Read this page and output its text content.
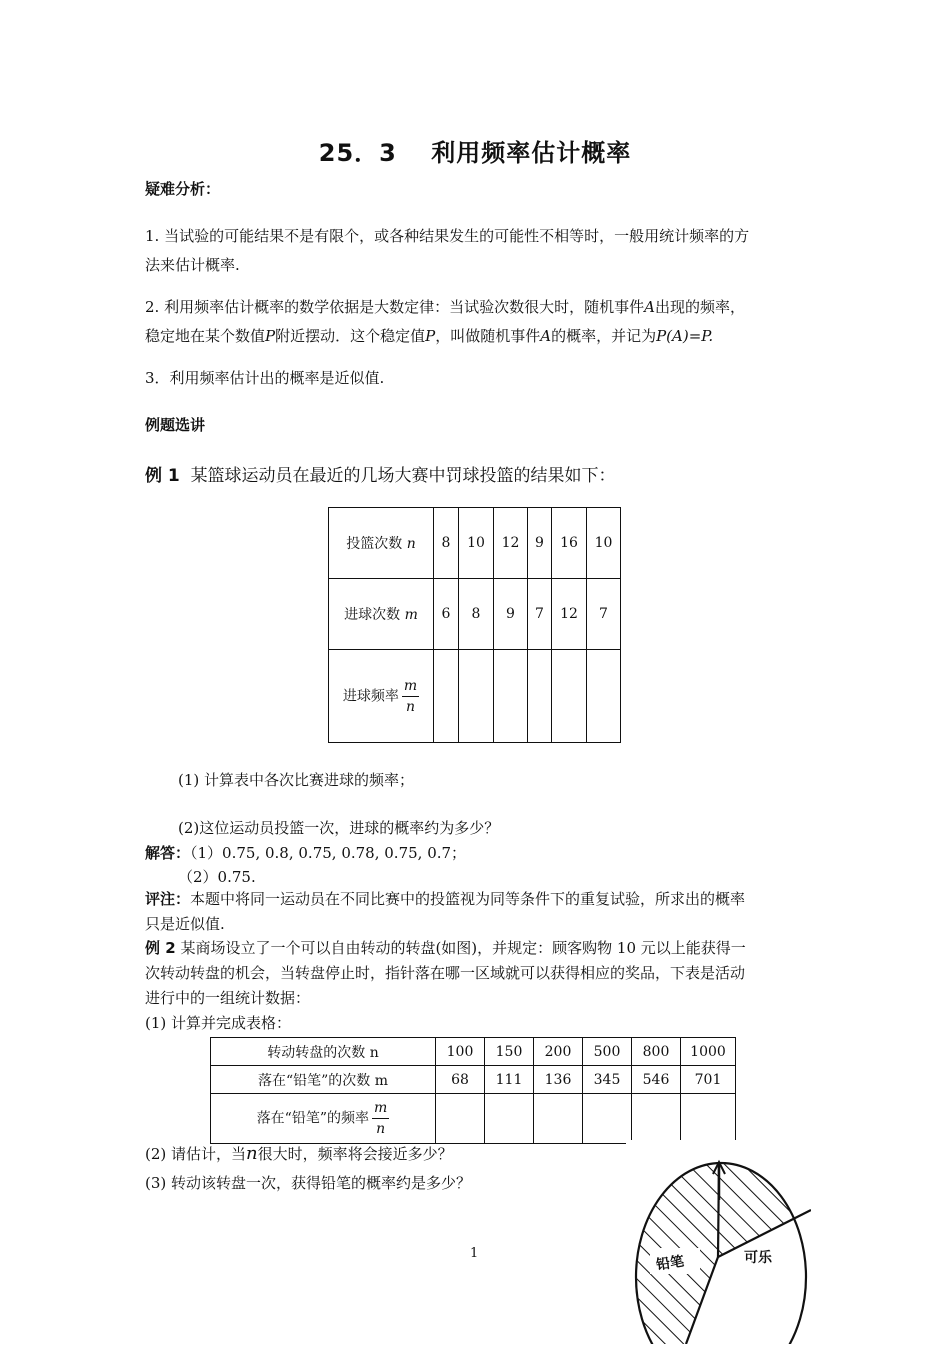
25．3　 利用频率估计概率
疑难分析：
1. 当试验的可能结果不是有限个，或各种结果发生的可能性不相等时，一般用统计频率的方
法来估计概率.
2. 利用频率估计概率的数学依据是大数定律：当试验次数很大时，随机事件A出现的频率，
稳定地在某个数值P附近摆动．这个稳定值P，叫做随机事件A的概率，并记为P(A)=P.
3．利用频率估计出的概率是近似值.
例题选讲
例 1 某篮球运动员在最近的几场大赛中罚球投篮的结果如下：
投篮次数 n	8	10	12	9	16	10
进球次数 m	6	8	9	7	12	7
进球频率 $\frac{m}{n}$

(1) 计算表中各次比赛进球的频率；
(2)这位运动员投篮一次，进球的概率约为多少？
解答：（1）0.75, 0.8, 0.75, 0.78, 0.75, 0.7；
（2）0.75.
评注：本题中将同一运动员在不同比赛中的投篮视为同等条件下的重复试验，所求出的概率
只是近似值.
例 2 某商场设立了一个可以自由转动的转盘(如图)，并规定：顾客购物 10 元以上能获得一
次转动转盘的机会，当转盘停止时，指针落在哪一区域就可以获得相应的奖品，下表是活动
进行中的一组统计数据：
(1) 计算并完成表格：
转动转盘的次数 n	100	150	200	500	800	1000
落在“铅笔”的次数 m	68	111	136	345	546	701
落在“铅笔”的频率 $\frac{m}{n}$

(2) 请估计，当n很大时，频率将会接近多少？
(3) 转动该转盘一次，获得铅笔的概率约是多少？
1
铅笔	可乐
